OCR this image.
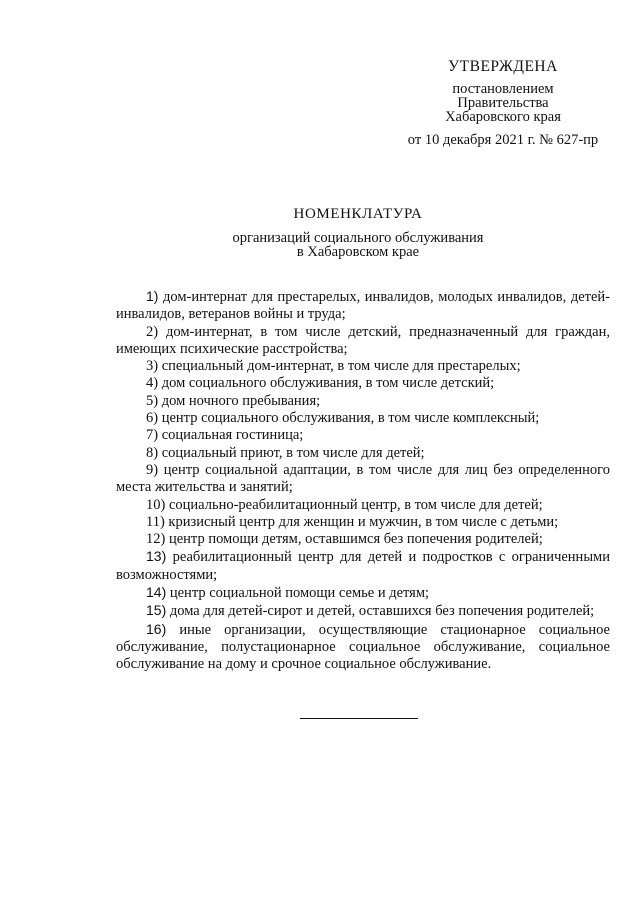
УТВЕРЖДЕНА
постановлением
Правительства
Хабаровского края
от 10 декабря 2021 г. № 627-пр
НОМЕНКЛАТУРА
организаций социального обслуживания
в Хабаровском крае
1) дом-интернат для престарелых, инвалидов, молодых инвалидов, детей-инвалидов, ветеранов войны и труда;
2) дом-интернат, в том числе детский, предназначенный для граждан, имеющих психические расстройства;
3) специальный дом-интернат, в том числе для престарелых;
4) дом социального обслуживания, в том числе детский;
5) дом ночного пребывания;
6) центр социального обслуживания, в том числе комплексный;
7) социальная гостиница;
8) социальный приют, в том числе для детей;
9) центр социальной адаптации, в том числе для лиц без определенного места жительства и занятий;
10) социально-реабилитационный центр, в том числе для детей;
11) кризисный центр для женщин и мужчин, в том числе с детьми;
12) центр помощи детям, оставшимся без попечения родителей;
13) реабилитационный центр для детей и подростков с ограниченными возможностями;
14) центр социальной помощи семье и детям;
15) дома для детей-сирот и детей, оставшихся без попечения родителей;
16) иные организации, осуществляющие стационарное социальное обслуживание, полустационарное социальное обслуживание, социальное обслуживание на дому и срочное социальное обслуживание.
